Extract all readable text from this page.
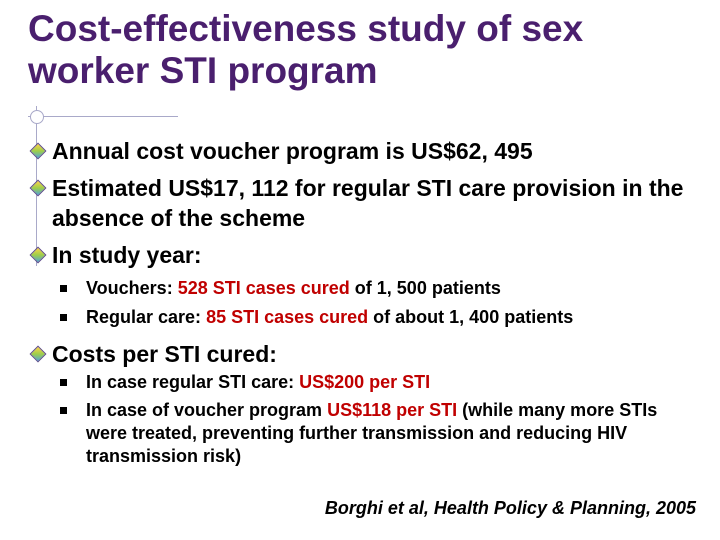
Cost-effectiveness study of sex worker STI program
Annual cost voucher program is US$62, 495
Estimated US$17, 112 for regular STI care provision in the absence of the scheme
In study year:
Vouchers: 528 STI cases cured of 1, 500 patients
Regular care: 85 STI cases cured of about 1, 400 patients
Costs per STI cured:
In case regular STI care: US$200 per STI
In case of voucher program US$118 per STI (while many more STIs were treated, preventing further transmission and reducing HIV transmission risk)
Borghi et al, Health Policy & Planning, 2005
